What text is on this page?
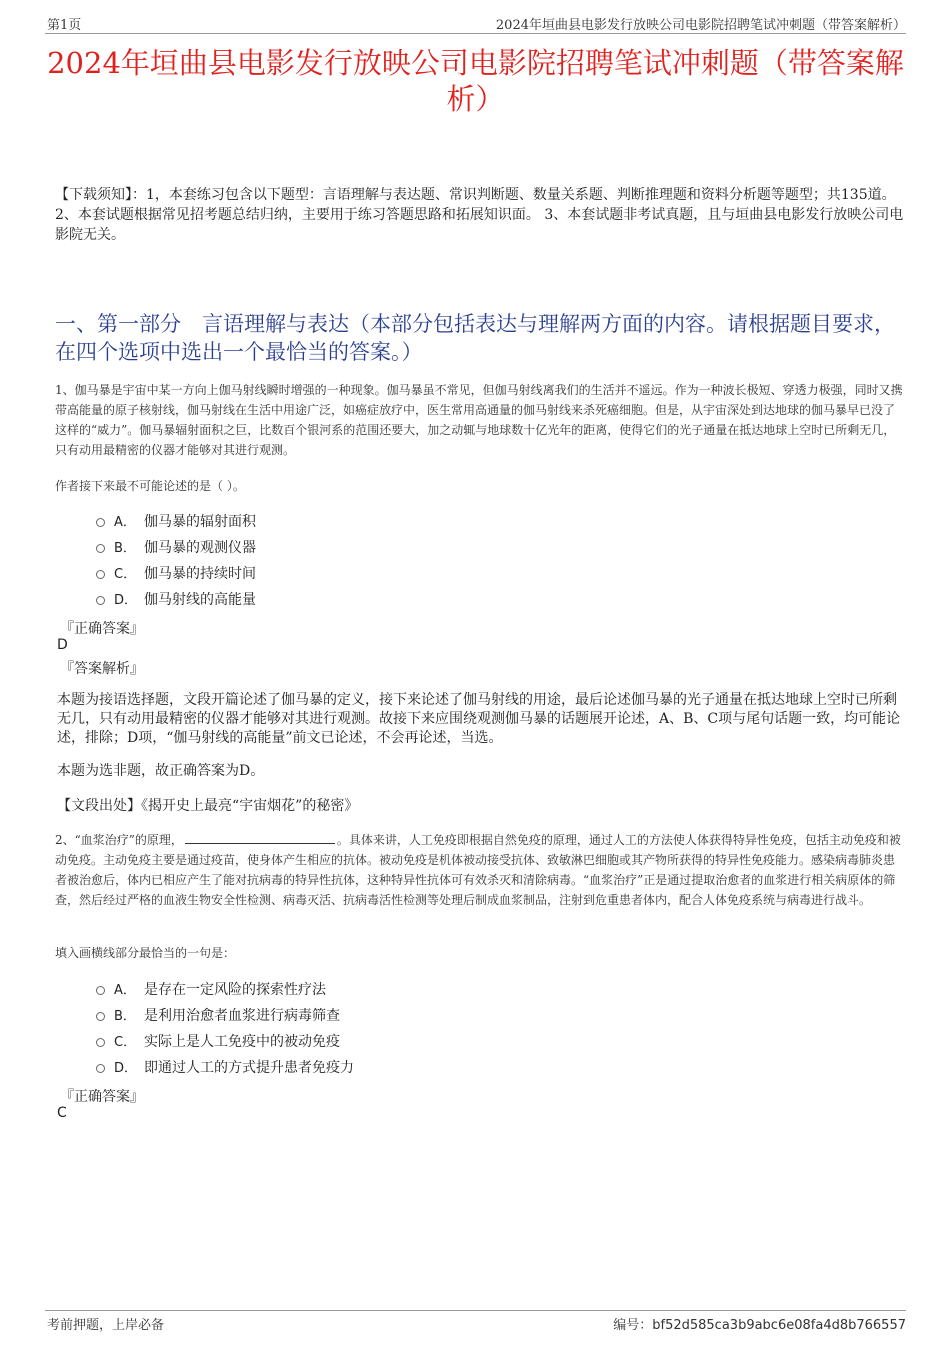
第1页	2024年垣曲县电影发行放映公司电影院招聘笔试冲刺题（带答案解析）
2024年垣曲县电影发行放映公司电影院招聘笔试冲刺题（带答案解析）
【下载须知】：1，本套练习包含以下题型：言语理解与表达题、常识判断题、数量关系题、判断推理题和资料分析题等题型；共135道。 2、本套试题根据常见招考题总结归纳，主要用于练习答题思路和拓展知识面。 3、本套试题非考试真题，且与垣曲县电影发行放映公司电影院无关。
一、第一部分　言语理解与表达（本部分包括表达与理解两方面的内容。请根据题目要求，在四个选项中选出一个最恰当的答案。）
1、伽马暴是宇宙中某一方向上伽马射线瞬时增强的一种现象。伽马暴虽不常见，但伽马射线离我们的生活并不遥远。作为一种波长极短、穿透力极强，同时又携带高能量的原子核射线，伽马射线在生活中用途广泛，如癌症放疗中，医生常用高通量的伽马射线来杀死癌细胞。但是，从宇宙深处到达地球的伽马暴早已没了这样的“威力”。伽马暴辐射面积之巨，比数百个银河系的范围还要大，加之动辄与地球数十亿光年的距离，使得它们的光子通量在抵达地球上空时已所剩无几，只有动用最精密的仪器才能够对其进行观测。
作者接下来最不可能论述的是（ ）。
A． 伽马暴的辐射面积
B． 伽马暴的观测仪器
C． 伽马暴的持续时间
D． 伽马射线的高能量
『正确答案』
D
『答案解析』
本题为接语选择题，文段开篇论述了伽马暴的定义，接下来论述了伽马射线的用途，最后论述伽马暴的光子通量在抵达地球上空时已所剩无几，只有动用最精密的仪器才能够对其进行观测。故接下来应围绕观测伽马暴的话题展开论述，A、B、C项与尾句话题一致，均可能论述，排除；D项，“伽马射线的高能量”前文已论述，不会再论述，当选。
本题为选非题，故正确答案为D。
【文段出处】《揭开史上最亮“宇宙烟花”的秘密》
2、“血浆治疗”的原理，	。具体来讲，人工免疫即根据自然免疫的原理，通过人工的方法使人体获得特异性免疫，包括主动免疫和被动免疫。主动免疫主要是通过疫苗，使身体产生相应的抗体。被动免疫是机体被动接受抗体、致敏淋巴细胞或其产物所获得的特异性免疫能力。感染病毒肺炎患者被治愈后，体内已相应产生了能对抗病毒的特异性抗体，这种特异性抗体可有效杀灭和清除病毒。“血浆治疗”正是通过提取治愈者的血浆进行相关病原体的筛查，然后经过严格的血液生物安全性检测、病毒灭活、抗病毒活性检测等处理后制成血浆制品，注射到危重患者体内，配合人体免疫系统与病毒进行战斗。
填入画横线部分最恰当的一句是：
A． 是存在一定风险的探索性疗法
B． 是利用治愈者血浆进行病毒筛查
C． 实际上是人工免疫中的被动免疫
D． 即通过人工的方式提升患者免疫力
『正确答案』
C
考前押题，上岸必备	编号：bf52d585ca3b9abc6e08fa4d8b766557
